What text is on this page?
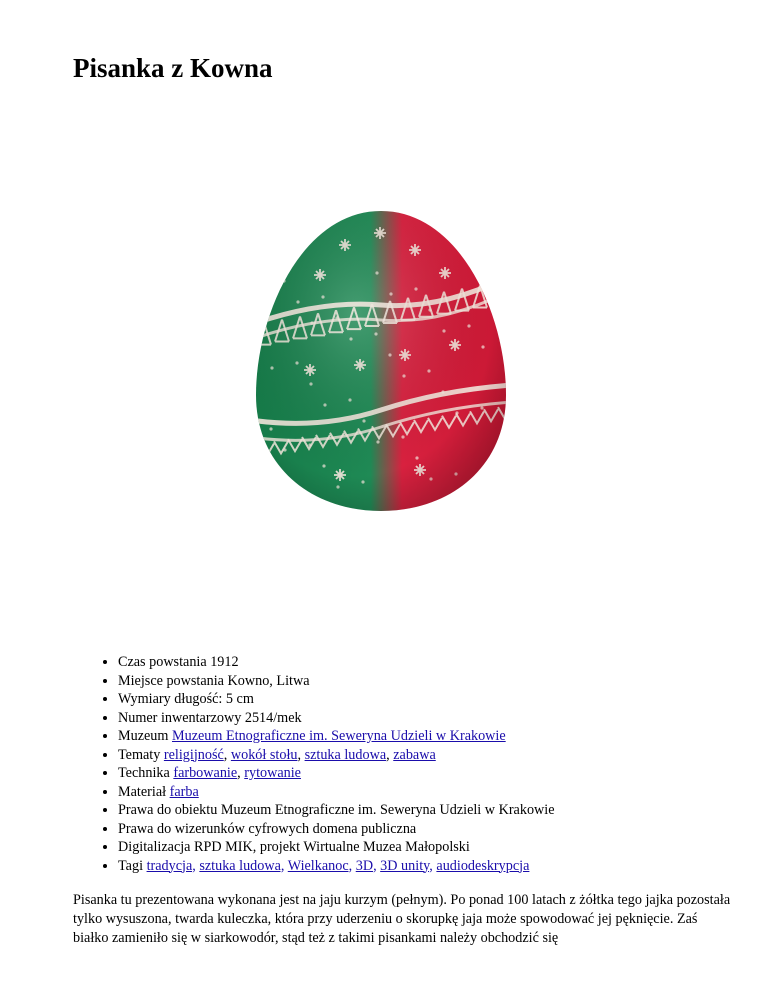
Pisanka z Kowna
• Czas powstania 1912
• Miejsce powstania Kowno, Litwa
• Wymiary długość: 5 cm
• Numer inwentarzowy 2514/mek
• Muzeum Muzeum Etnograficzne im. Seweryna Udzieli w Krakowie
• Tematy religijność, wokół stołu, sztuka ludowa, zabawa
• Technika farbowanie, rytowanie
• Materiał farba
• Prawa do obiektu Muzeum Etnograficzne im. Seweryna Udzieli w Krakowie
• Prawa do wizerunków cyfrowych domena publiczna
• Digitalizacja RPD MIK, projekt Wirtualne Muzea Małopolski
• Tagi tradycja, sztuka ludowa, Wielkanoc, 3D, 3D unity, audiodeskrypcja

Pisanka tu prezentowana wykonana jest na jaju kurzym (pełnym). Po ponad 100 latach z żółtka tego jajka pozostała tylko wysuszona, twarda kuleczka, która przy uderzeniu o skorupkę jaja może spowodować jej pęknięcie. Zaś białko zamieniło się w siarkowodór, stąd też z takimi pisankami należy obchodzić się
